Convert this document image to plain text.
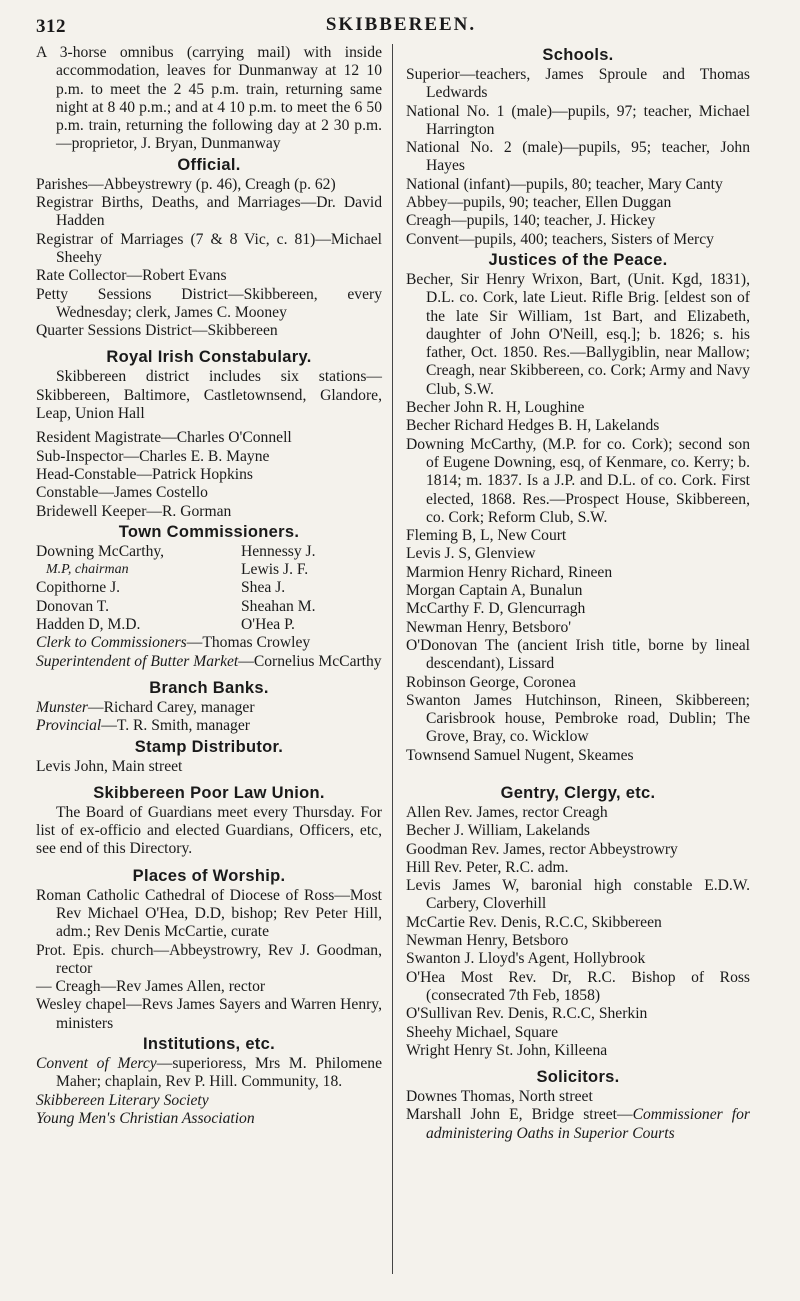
312	SKIBBEREEN.
A 3-horse omnibus (carrying mail) with inside accommodation, leaves for Dunmanway at 12 10 p.m. to meet the 2 45 p.m. train, returning same night at 8 40 p.m.; and at 4 10 p.m. to meet the 6 50 p.m. train, returning the following day at 2 30 p.m.—proprietor, J. Bryan, Dunmanway
Official.
Parishes—Abbeystrewry (p. 46), Creagh (p. 62)
Registrar Births, Deaths, and Marriages—Dr. David Hadden
Registrar of Marriages (7 & 8 Vic, c. 81)—Michael Sheehy
Rate Collector—Robert Evans
Petty Sessions District—Skibbereen, every Wednesday; clerk, James C. Mooney
Quarter Sessions District—Skibbereen
Royal Irish Constabulary.
Skibbereen district includes six stations—Skibbereen, Baltimore, Castletownsend, Glandore, Leap, Union Hall
Resident Magistrate—Charles O'Connell
Sub-Inspector—Charles E. B. Mayne
Head-Constable—Patrick Hopkins
Constable—James Costello
Bridewell Keeper—R. Gorman
Town Commissioners.
Downing McCarthy,	Hennessy J.
M.P, chairman	Lewis J. F.
Copithorne J.	Shea J.
Donovan T.	Sheahan M.
Hadden D, M.D.	O'Hea P.
Clerk to Commissioners—Thomas Crowley
Superintendent of Butter Market—Cornelius McCarthy
Branch Banks.
Munster—Richard Carey, manager
Provincial—T. R. Smith, manager
Stamp Distributor.
Levis John, Main street
Skibbereen Poor Law Union.
The Board of Guardians meet every Thursday. For list of ex-officio and elected Guardians, Officers, etc, see end of this Directory.
Places of Worship.
Roman Catholic Cathedral of Diocese of Ross—Most Rev Michael O'Hea, D.D, bishop; Rev Peter Hill, adm.; Rev Denis McCartie, curate
Prot. Epis. church—Abbeystrowry, Rev J. Goodman, rector
— Creagh—Rev James Allen, rector
Wesley chapel—Revs James Sayers and Warren Henry, ministers
Institutions, etc.
Convent of Mercy—superioress, Mrs M. Philomene Maher; chaplain, Rev P. Hill. Community, 18.
Skibbereen Literary Society
Young Men's Christian Association
Schools.
Superior—teachers, James Sproule and Thomas Ledwards
National No. 1 (male)—pupils, 97; teacher, Michael Harrington
National No. 2 (male)—pupils, 95; teacher, John Hayes
National (infant)—pupils, 80; teacher, Mary Canty
Abbey—pupils, 90; teacher, Ellen Duggan
Creagh—pupils, 140; teacher, J. Hickey
Convent—pupils, 400; teachers, Sisters of Mercy
Justices of the Peace.
Becher, Sir Henry Wrixon, Bart, (Unit. Kgd, 1831), D.L. co. Cork, late Lieut. Rifle Brig. [eldest son of the late Sir William, 1st Bart, and Elizabeth, daughter of John O'Neill, esq.]; b. 1826; s. his father, Oct. 1850. Res.—Ballygiblin, near Mallow; Creagh, near Skibbereen, co. Cork; Army and Navy Club, S.W.
Becher John R. H, Loughine
Becher Richard Hedges B. H, Lakelands
Downing McCarthy, (M.P. for co. Cork); second son of Eugene Downing, esq, of Kenmare, co. Kerry; b. 1814; m. 1837. Is a J.P. and D.L. of co. Cork. First elected, 1868. Res.—Prospect House, Skibbereen, co. Cork; Reform Club, S.W.
Fleming B, L, New Court
Levis J. S, Glenview
Marmion Henry Richard, Rineen
Morgan Captain A, Bunalun
McCarthy F. D, Glencurragh
Newman Henry, Betsboro'
O'Donovan The (ancient Irish title, borne by lineal descendant), Lissard
Robinson George, Coronea
Swanton James Hutchinson, Rineen, Skibbereen; Carisbrook house, Pembroke road, Dublin; The Grove, Bray, co. Wicklow
Townsend Samuel Nugent, Skeames
Gentry, Clergy, etc.
Allen Rev. James, rector Creagh
Becher J. William, Lakelands
Goodman Rev. James, rector Abbeystrowry
Hill Rev. Peter, R.C. adm.
Levis James W, baronial high constable E.D.W. Carbery, Cloverhill
McCartie Rev. Denis, R.C.C, Skibbereen
Newman Henry, Betsboro
Swanton J. Lloyd's Agent, Hollybrook
O'Hea Most Rev. Dr, R.C. Bishop of Ross (consecrated 7th Feb, 1858)
O'Sullivan Rev. Denis, R.C.C, Sherkin
Sheehy Michael, Square
Wright Henry St. John, Killeena
Solicitors.
Downes Thomas, North street
Marshall John E, Bridge street—Commissioner for administering Oaths in Superior Courts
